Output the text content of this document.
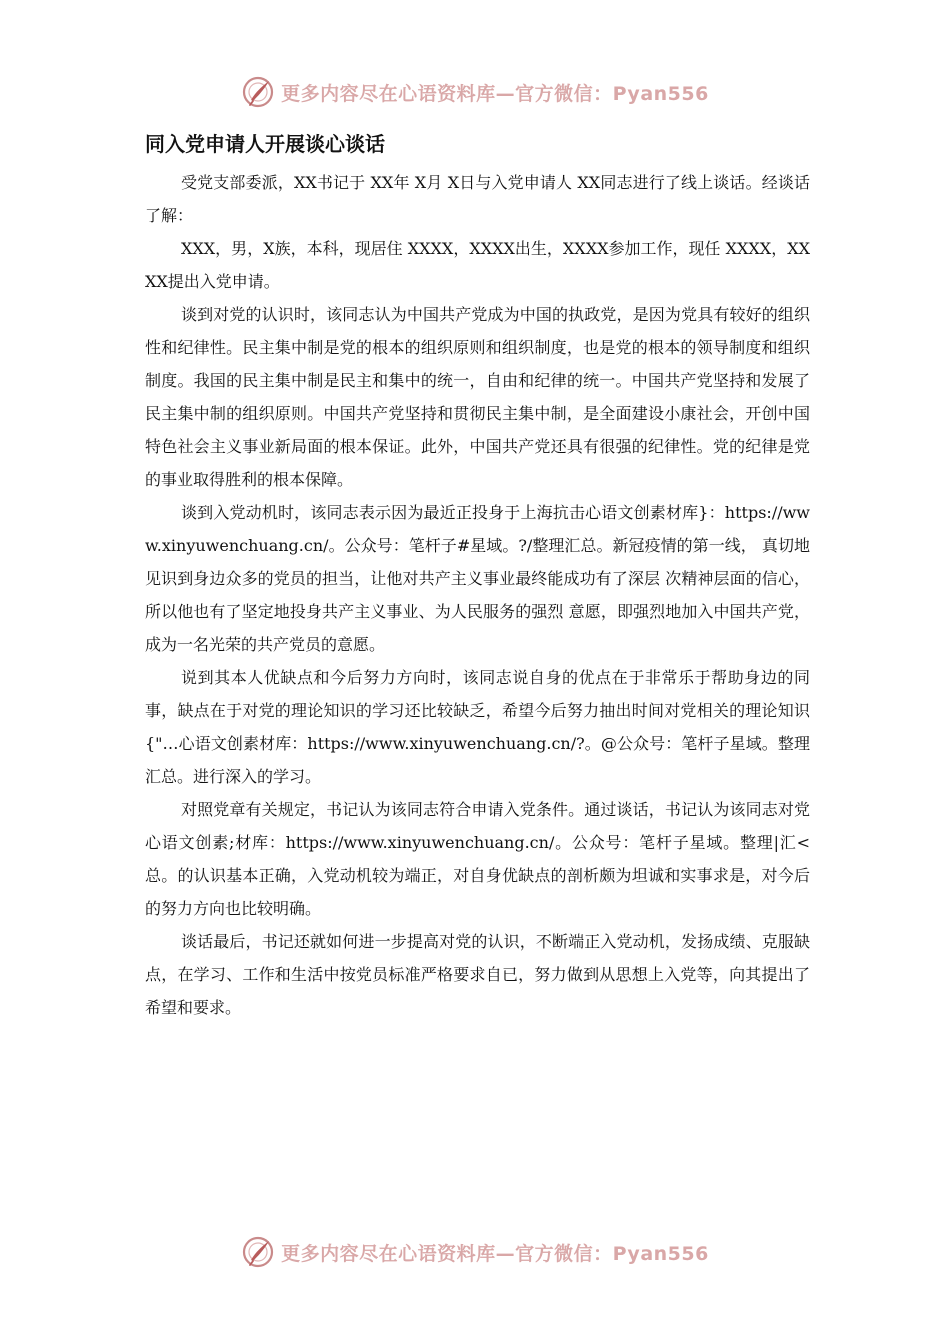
更多内容尽在心语资料库—官方微信：Pyan556
同入党申请人开展谈心谈话

受党支部委派，XX书记于 XX年 X月 X日与入党申请人 XX同志进行了线上谈话。经谈话了解：

XXX，男，X族，本科，现居住 XXXX，XXXX出生，XXXX参加工作，现任 XXXX，XXXX提出入党申请。

谈到对党的认识时，该同志认为中国共产党成为中国的执政党，是因为党具有较好的组织性和纪律性。民主集中制是党的根本的组织原则和组织制度，也是党的根本的领导制度和组织制度。我国的民主集中制是民主和集中的统一，自由和纪律的统一。中国共产党坚持和发展了民主集中制的组织原则。中国共产党坚持和贯彻民主集中制，是全面建设小康社会，开创中国特色社会主义事业新局面的根本保证。此外，中国共产党还具有很强的纪律性。党的纪律是党的事业取得胜利的根本保障。

谈到入党动机时，该同志表示因为最近正投身于上海抗击心语文创素材库}：https://www.xinyuwenchuang.cn/。公众号：笔杆子#星域。?/整理汇总。新冠疫情的第一线， 真切地见识到身边众多的党员的担当，让他对共产主义事业最终能成功有了深层 次精神层面的信心，所以他也有了坚定地投身共产主义事业、为人民服务的强烈 意愿，即强烈地加入中国共产党，成为一名光荣的共产党员的意愿。

说到其本人优缺点和今后努力方向时，该同志说自身的优点在于非常乐于帮助身边的同事，缺点在于对党的理论知识的学习还比较缺乏，希望今后努力抽出时间对党相关的理论知识{"…心语文创素材库：https://www.xinyuwenchuang.cn/?。@公众号：笔杆子星域。整理汇总。进行深入的学习。

对照党章有关规定，书记认为该同志符合申请入党条件。通过谈话，书记认为该同志对党心语文创素;材库：https://www.xinyuwenchuang.cn/。公众号：笔杆子星域。整理|汇<总。的认识基本正确，入党动机较为端正，对自身优缺点的剖析颇为坦诚和实事求是，对今后的努力方向也比较明确。

谈话最后，书记还就如何进一步提高对党的认识，不断端正入党动机，发扬成绩、克服缺点，在学习、工作和生活中按党员标准严格要求自已，努力做到从思想上入党等，向其提出了希望和要求。

更多内容尽在心语资料库—官方微信：Pyan556
